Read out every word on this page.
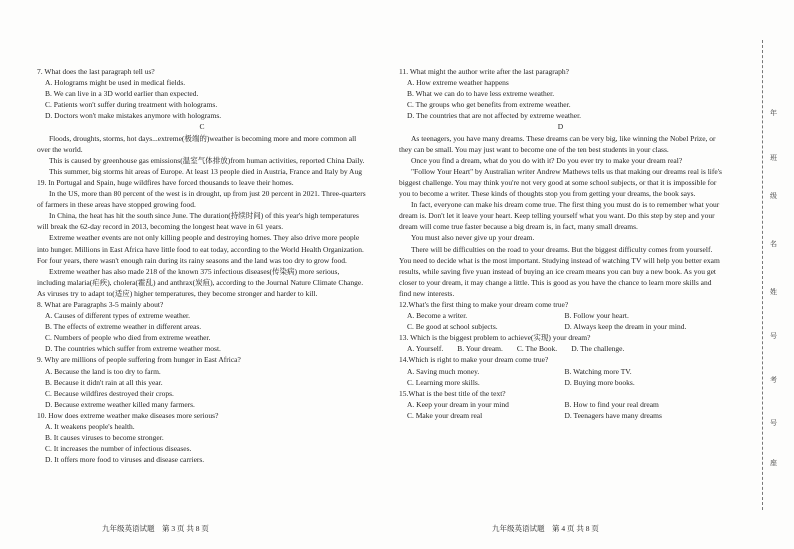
7. What does the last paragraph tell us?

A. Holograms might be used in medical fields.

B. We can live in a 3D world earlier than expected.

C. Patients won't suffer during treatment with holograms.

D. Doctors won't make mistakes anymore with holograms.

C

Floods, droughts, storms, hot days...extreme(极端的)weather is becoming more and more common all over the world.

This is caused by greenhouse gas emissions(温室气体排放)from human activities, reported China Daily.

This summer, big storms hit areas of Europe. At least 13 people died in Austria, France and Italy by Aug 19. In Portugal and Spain, huge wildfires have forced thousands to leave their homes.

In the US, more than 80 percent of the west is in drought, up from just 20 percent in 2021. Three-quarters of farmers in these areas have stopped growing food.

In China, the heat has hit the south since June. The duration(持续时间) of this year's high temperatures will break the 62-day record in 2013, becoming the longest heat wave in 61 years.

Extreme weather events are not only killing people and destroying homes. They also drive more people into hunger. Millions in East Africa have little food to eat today, according to the World Health Organization. For four years, there wasn't enough rain during its rainy seasons and the land was too dry to grow food.

Extreme weather has also made 218 of the known 375 infectious diseases(传染病) more serious, including malaria(疟疾), cholera(霍乱) and anthrax(炭疽), according to the Journal Nature Climate Change. As viruses try to adapt to(适应) higher temperatures, they become stronger and harder to kill.

8. What are Paragraphs 3-5 mainly about?

A. Causes of different types of extreme weather.

B. The effects of extreme weather in different areas.

C. Numbers of people who died from extreme weather.

D. The countries which suffer from extreme weather most.

9. Why are millions of people suffering from hunger in East Africa?

A. Because the land is too dry to farm.

B. Because it didn't rain at all this year.

C. Because wildfires destroyed their crops.

D. Because extreme weather killed many farmers.

10. How does extreme weather make diseases more serious?

A. It weakens people's health.

B. It causes viruses to become stronger.

C. It increases the number of infectious diseases.

D. It offers more food to viruses and disease carriers.

11. What might the author write after the last paragraph?

A. How extreme weather happens

B. What we can do to have less extreme weather.

C. The groups who get benefits from extreme weather.

D. The countries that are not affected by extreme weather.

D

As teenagers, you have many dreams. These dreams can be very big, like winning the Nobel Prize, or they can be small. You may just want to become one of the ten best students in your class.

Once you find a dream, what do you do with it? Do you ever try to make your dream real?

"Follow Your Heart" by Australian writer Andrew Mathews tells us that making our dreams real is life's biggest challenge. You may think you're not very good at some school subjects, or that it is impossible for you to become a writer. These kinds of thoughts stop you from getting your dreams, the book says.

In fact, everyone can make his dream come true. The first thing you must do is to remember what your dream is. Don't let it leave your heart. Keep telling yourself what you want. Do this step by step and your dream will come true faster because a big dream is, in fact, many small dreams.

You must also never give up your dream.

There will be difficulties on the road to your dreams. But the biggest difficulty comes from yourself. You need to decide what is the most important. Studying instead of watching TV will help you better exam results, while saving five yuan instead of buying an ice cream means you can buy a new book. As you get closer to your dream, it may change a little. This is good as you have the chance to learn more skills and find new interests.

12.What's the first thing to make your dream come true?

A. Become a writer.	B. Follow your heart.
C. Be good at school subjects.	D. Always keep the dream in your mind.

13. Which is the biggest problem to achieve(实现) your dream?

A. Yourself. B. Your dream. C. The Book. D. The challenge.

14.Which is right to make your dream come true?

A. Saving much money.	B. Watching more TV.
C. Learning more skills.	D. Buying more books.

15.What is the best title of the text?

A. Keep your dream in your mind	B. How to find your real dream
C. Make your dream real	D. Teenagers have many dreams
九年级英语试题　第 3 页 共 8 页	九年级英语试题　第 4 页 共 8 页
年
班
级
名
姓
号
考
号
座
